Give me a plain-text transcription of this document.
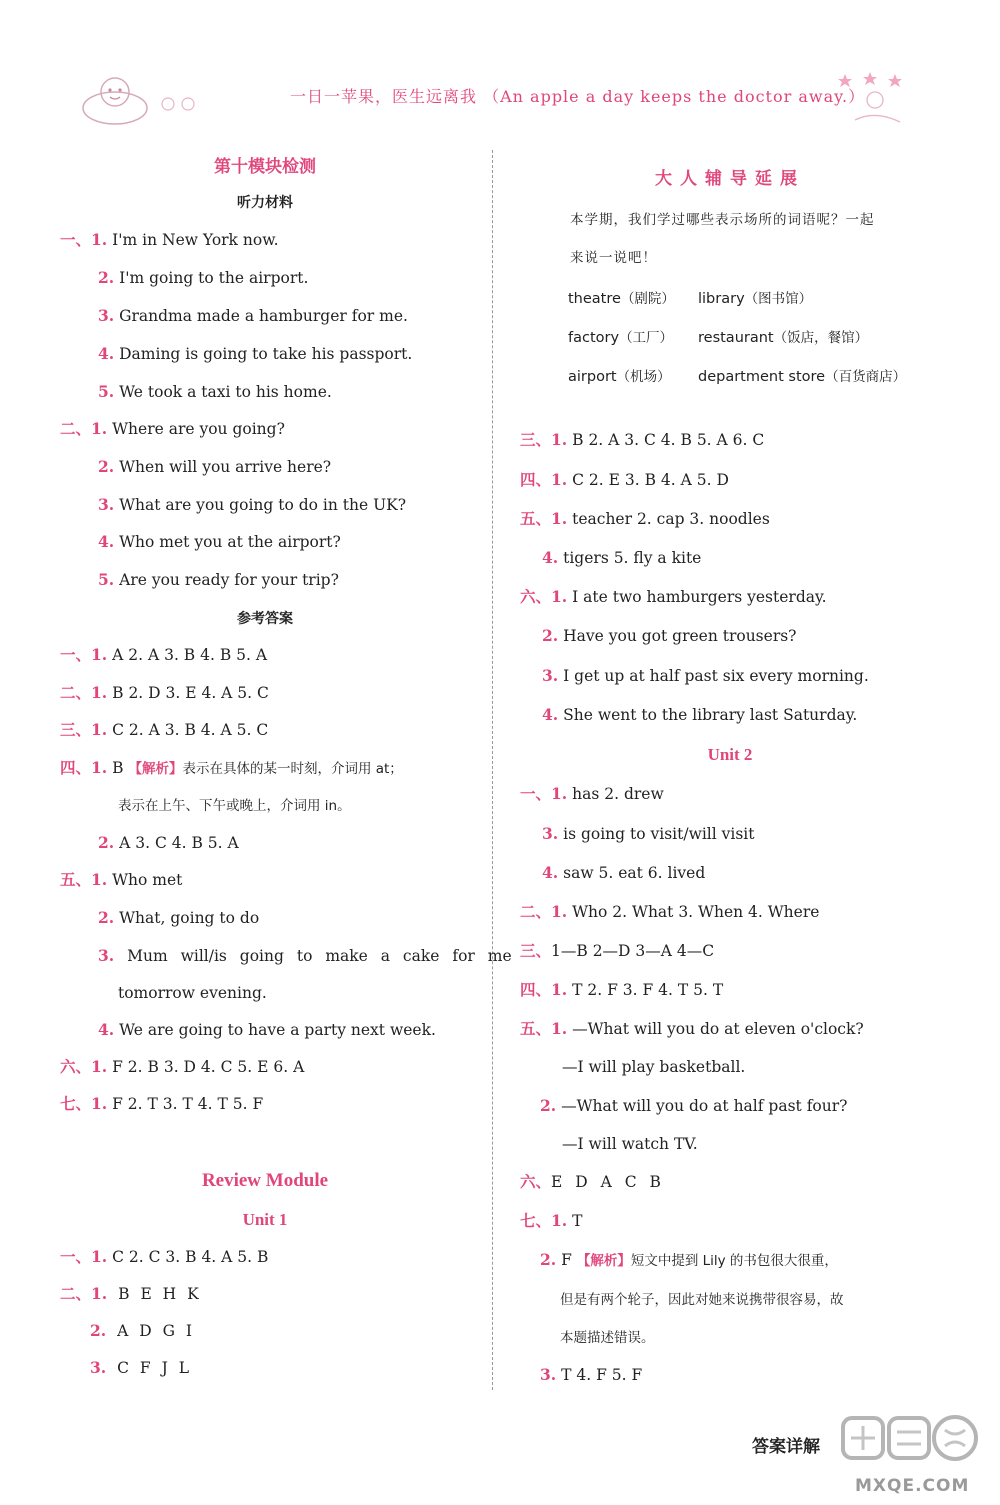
一日一苹果，医生远离我 （An apple a day keeps the doctor away.）
第十模块检测
听力材料
一、1. I'm in New York now.
2. I'm going to the airport.
3. Grandma made a hamburger for me.
4. Daming is going to take his passport.
5. We took a taxi to his home.
二、1. Where are you going?
2. When will you arrive here?
3. What are you going to do in the UK?
4. Who met you at the airport?
5. Are you ready for your trip?
参考答案
一、1. A 2. A 3. B 4. B 5. A
二、1. B 2. D 3. E 4. A 5. C
三、1. C 2. A 3. B 4. A 5. C
四、1. B 【解析】表示在具体的某一时刻，介词用 at；
表示在上午、下午或晚上，介词用 in。
2. A 3. C 4. B 5. A
五、1. Who met
2. What, going to do
3. Mum will/is going to make a cake for me
tomorrow evening.
4. We are going to have a party next week.
六、1. F 2. B 3. D 4. C 5. E 6. A
七、1. F 2. T 3. T 4. T 5. F
Review Module
Unit 1
一、1. C 2. C 3. B 4. A 5. B
二、1. B E H K
2. A D G I
3. C F J L
大人辅导延展
本学期，我们学过哪些表示场所的词语呢？一起
来说一说吧！
theatre（剧院） library（图书馆）
factory（工厂） restaurant（饭店，餐馆）
airport（机场） department store（百货商店）
三、1. B 2. A 3. C 4. B 5. A 6. C
四、1. C 2. E 3. B 4. A 5. D
五、1. teacher 2. cap 3. noodles
4. tigers 5. fly a kite
六、1. I ate two hamburgers yesterday.
2. Have you got green trousers?
3. I get up at half past six every morning.
4. She went to the library last Saturday.
Unit 2
一、1. has 2. drew
3. is going to visit/will visit
4. saw 5. eat 6. lived
二、1. Who 2. What 3. When 4. Where
三、1—B 2—D 3—A 4—C
四、1. T 2. F 3. F 4. T 5. T
五、1. —What will you do at eleven o'clock?
—I will play basketball.
2. —What will you do at half past four?
—I will watch TV.
六、E D A C B
七、1. T
2. F 【解析】短文中提到 Lily 的书包很大很重，
但是有两个轮子，因此对她来说携带很容易，故
本题描述错误。
3. T 4. F 5. F
答案详解
MXQE.COM
